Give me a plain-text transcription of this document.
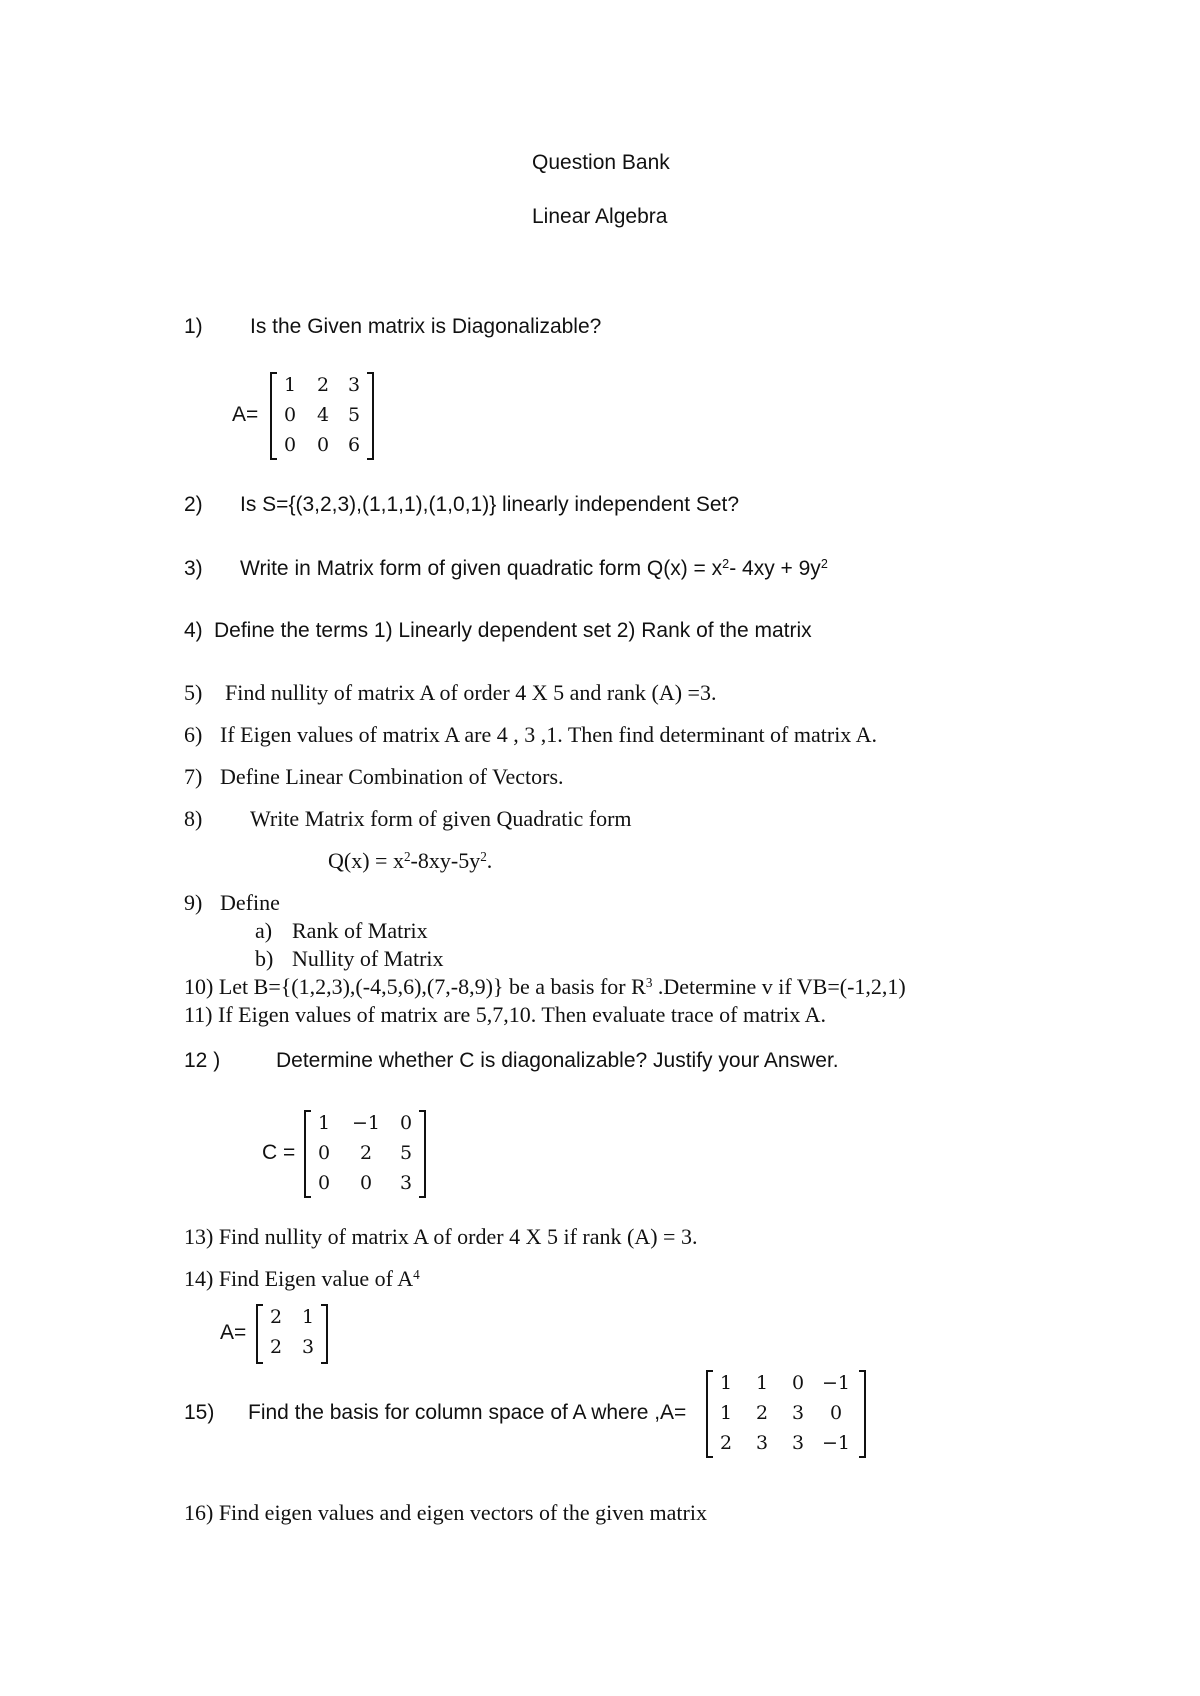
Question Bank
Linear Algebra
1) Is the Given matrix is Diagonalizable?
A=
1	2 3
0	4 5
0	0 6
2) Is S={(3,2,3),(1,1,1),(1,0,1)} linearly independent Set?
3) Write in Matrix form of given quadratic form $Q(x) = x^2-$ $4xy + 9y^2$
4) Define the terms 1) Linearly dependent set 2) Rank of the matrix
5) Find nullity of matrix A of order 4 X 5 and rank (A) =3.
6) If Eigen values of matrix A are 4 , 3 ,1. Then find determinant of matrix A.
7) Define Linear Combination of Vectors.
8) Write Matrix form of given Quadratic form
$Q(x) = x^2-8xy-5y^2$.
9) Define
a) Rank of Matrix
b) Nullity of Matrix
10) Let B={(1,2,3),(-4,5,6),(7,-8,9)} be a basis for $R^3$ .Determine v if VB=(-1,2,1)
11) If Eigen values of matrix are 5,7,10. Then evaluate trace of matrix A.
12 )	Determine whether C is diagonalizable? Justify your Answer.
C =
1	−1	0
0	2	5
0	0	3
13) Find nullity of matrix A of order 4 X 5 if rank (A) = 3.
14) Find Eigen value of $A^4$
A=
2	1
2	3
15) Find the basis for column space of A where ,A=
1	1	0 −1
1	2	3	0
2	3	3 −1
16) Find eigen values and eigen vectors of the given matrix
